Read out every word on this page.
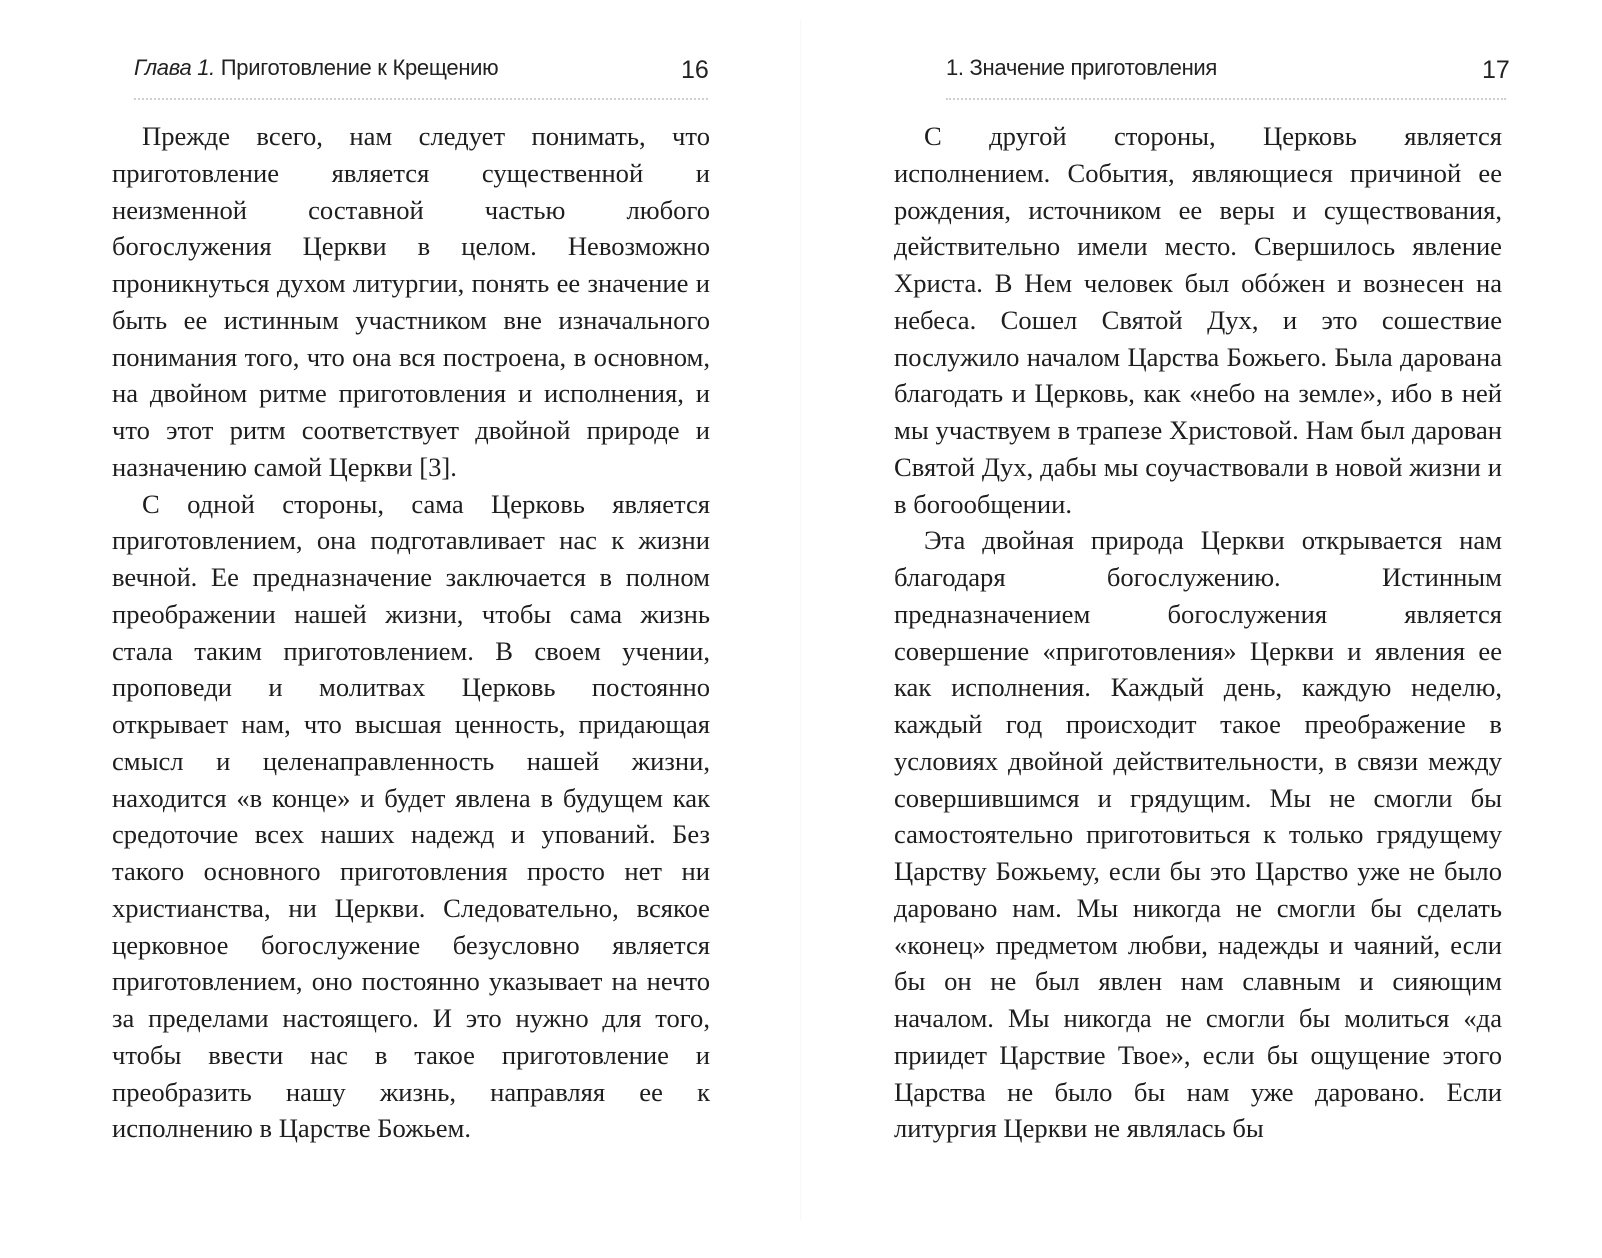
Глава 1. Приготовление к Крещению	16

Прежде всего, нам следует понимать, что приготовление является существенной и неизменной составной частью любого богослужения Церкви в целом. Невозможно проникнуться духом литургии, понять ее значение и быть ее истинным участником вне изначального понимания того, что она вся построена, в основном, на двойном ритме приготовления и исполнения, и что этот ритм соответствует двойной природе и назначению самой Церкви [3].

С одной стороны, сама Церковь является приготовлением, она подготавливает нас к жизни вечной. Ее предназначение заключается в полном преображении нашей жизни, чтобы сама жизнь стала таким приготовлением. В своем учении, проповеди и молитвах Церковь постоянно открывает нам, что высшая ценность, придающая смысл и целенаправленность нашей жизни, находится «в конце» и будет явлена в будущем как средоточие всех наших надежд и упований. Без такого основного приготовления просто нет ни христианства, ни Церкви. Следовательно, всякое церковное богослужение безусловно является приготовлением, оно постоянно указывает на нечто за пределами настоящего. И это нужно для того, чтобы ввести нас в такое приготовление и преобразить нашу жизнь, направляя ее к исполнению в Царстве Божьем.

1. Значение приготовления	17

С другой стороны, Церковь является исполнением. События, являющиеся причиной ее рождения, источником ее веры и существования, действительно имели место. Свершилось явление Христа. В Нем человек был обóжен и вознесен на небеса. Сошел Святой Дух, и это сошествие послужило началом Царства Божьего. Была дарована благодать и Церковь, как «небо на земле», ибо в ней мы участвуем в трапезе Христовой. Нам был дарован Святой Дух, дабы мы соучаствовали в новой жизни и в богообщении.

Эта двойная природа Церкви открывается нам благодаря богослужению. Истинным предназначением богослужения является совершение «приготовления» Церкви и явления ее как исполнения. Каждый день, каждую неделю, каждый год происходит такое преображение в условиях двойной действительности, в связи между совершившимся и грядущим. Мы не смогли бы самостоятельно приготовиться к только грядущему Царству Божьему, если бы это Царство уже не было даровано нам. Мы никогда не смогли бы сделать «конец» предметом любви, надежды и чаяний, если бы он не был явлен нам славным и сияющим началом. Мы никогда не смогли бы молиться «да приидет Царствие Твое», если бы ощущение этого Царства не было бы нам уже даровано. Если литургия Церкви не являлась бы
